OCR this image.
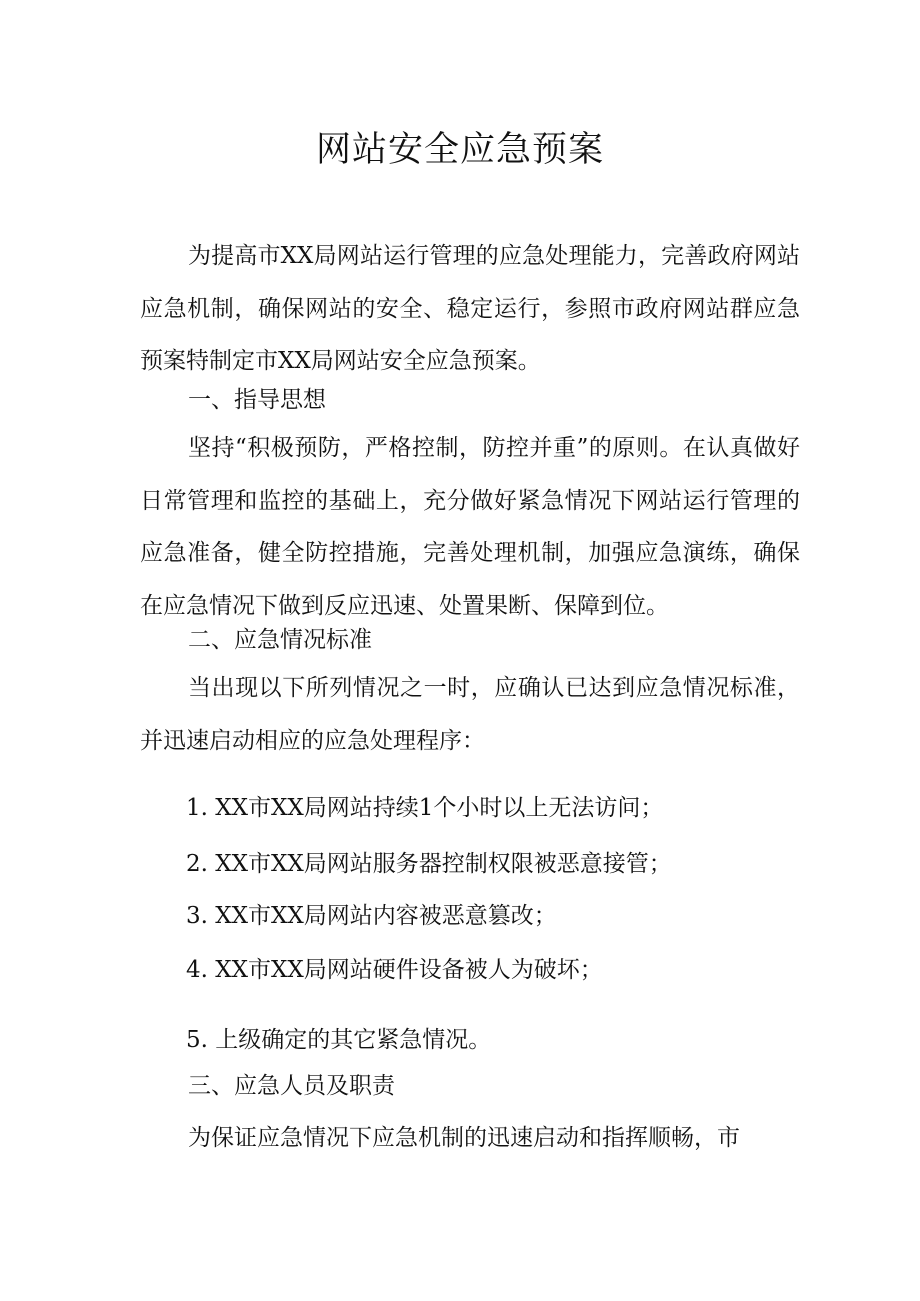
网站安全应急预案
为提高市XX局网站运行管理的应急处理能力，完善政府网站应急机制，确保网站的安全、稳定运行，参照市政府网站群应急预案特制定市XX局网站安全应急预案。
一、指导思想
坚持“积极预防，严格控制，防控并重”的原则。在认真做好日常管理和监控的基础上，充分做好紧急情况下网站运行管理的应急准备，健全防控措施，完善处理机制，加强应急演练，确保在应急情况下做到反应迅速、处置果断、保障到位。
二、应急情况标准
当出现以下所列情况之一时，应确认已达到应急情况标准，并迅速启动相应的应急处理程序：
1. XX市XX局网站持续1个小时以上无法访问；
2. XX市XX局网站服务器控制权限被恶意接管；
3. XX市XX局网站内容被恶意篡改；
4. XX市XX局网站硬件设备被人为破坏；
5. 上级确定的其它紧急情况。
三、应急人员及职责
为保证应急情况下应急机制的迅速启动和指挥顺畅，市
